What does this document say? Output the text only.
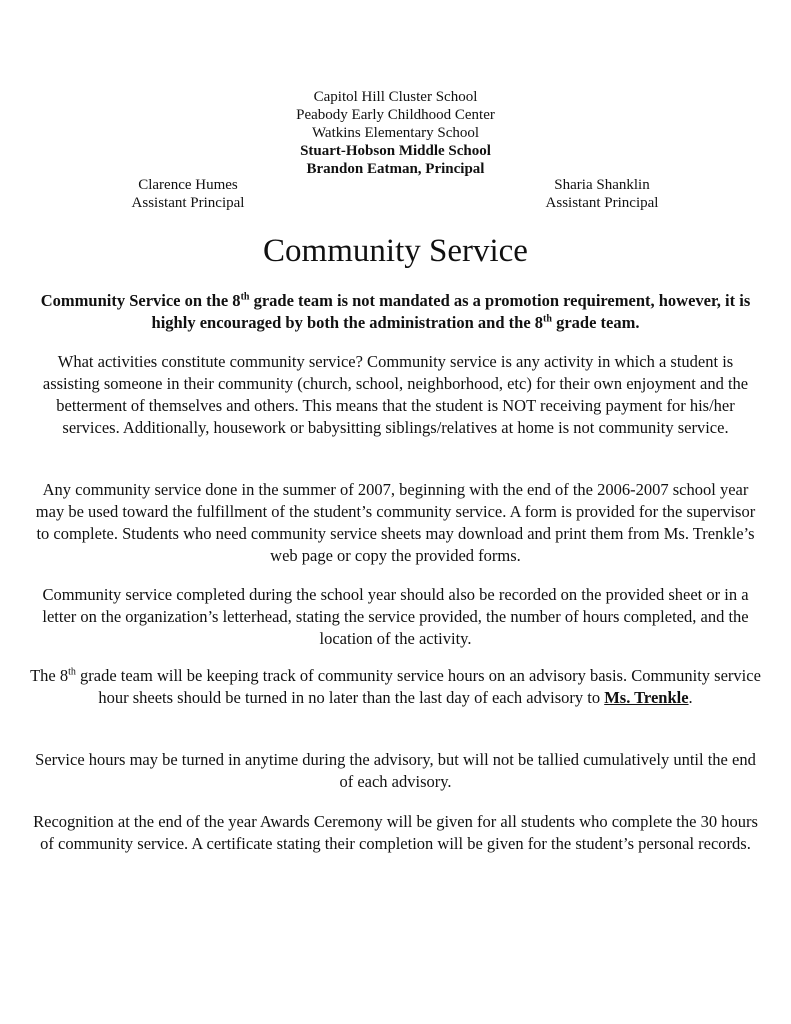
Capitol Hill Cluster School
Peabody Early Childhood Center
Watkins Elementary School
Stuart-Hobson Middle School
Brandon Eatman, Principal
Clarence Humes
Assistant Principal
Sharia Shanklin
Assistant Principal
Community Service
Community Service on the 8th grade team is not mandated as a promotion requirement, however, it is highly encouraged by both the administration and the 8th grade team.
What activities constitute community service? Community service is any activity in which a student is assisting someone in their community (church, school, neighborhood, etc) for their own enjoyment and the betterment of themselves and others. This means that the student is NOT receiving payment for his/her services. Additionally, housework or babysitting siblings/relatives at home is not community service.
Any community service done in the summer of 2007, beginning with the end of the 2006-2007 school year may be used toward the fulfillment of the student’s community service. A form is provided for the supervisor to complete. Students who need community service sheets may download and print them from Ms. Trenkle’s web page or copy the provided forms.
Community service completed during the school year should also be recorded on the provided sheet or in a letter on the organization’s letterhead, stating the service provided, the number of hours completed, and the location of the activity.
The 8th grade team will be keeping track of community service hours on an advisory basis. Community service hour sheets should be turned in no later than the last day of each advisory to Ms. Trenkle.
Service hours may be turned in anytime during the advisory, but will not be tallied cumulatively until the end of each advisory.
Recognition at the end of the year Awards Ceremony will be given for all students who complete the 30 hours of community service. A certificate stating their completion will be given for the student’s personal records.
